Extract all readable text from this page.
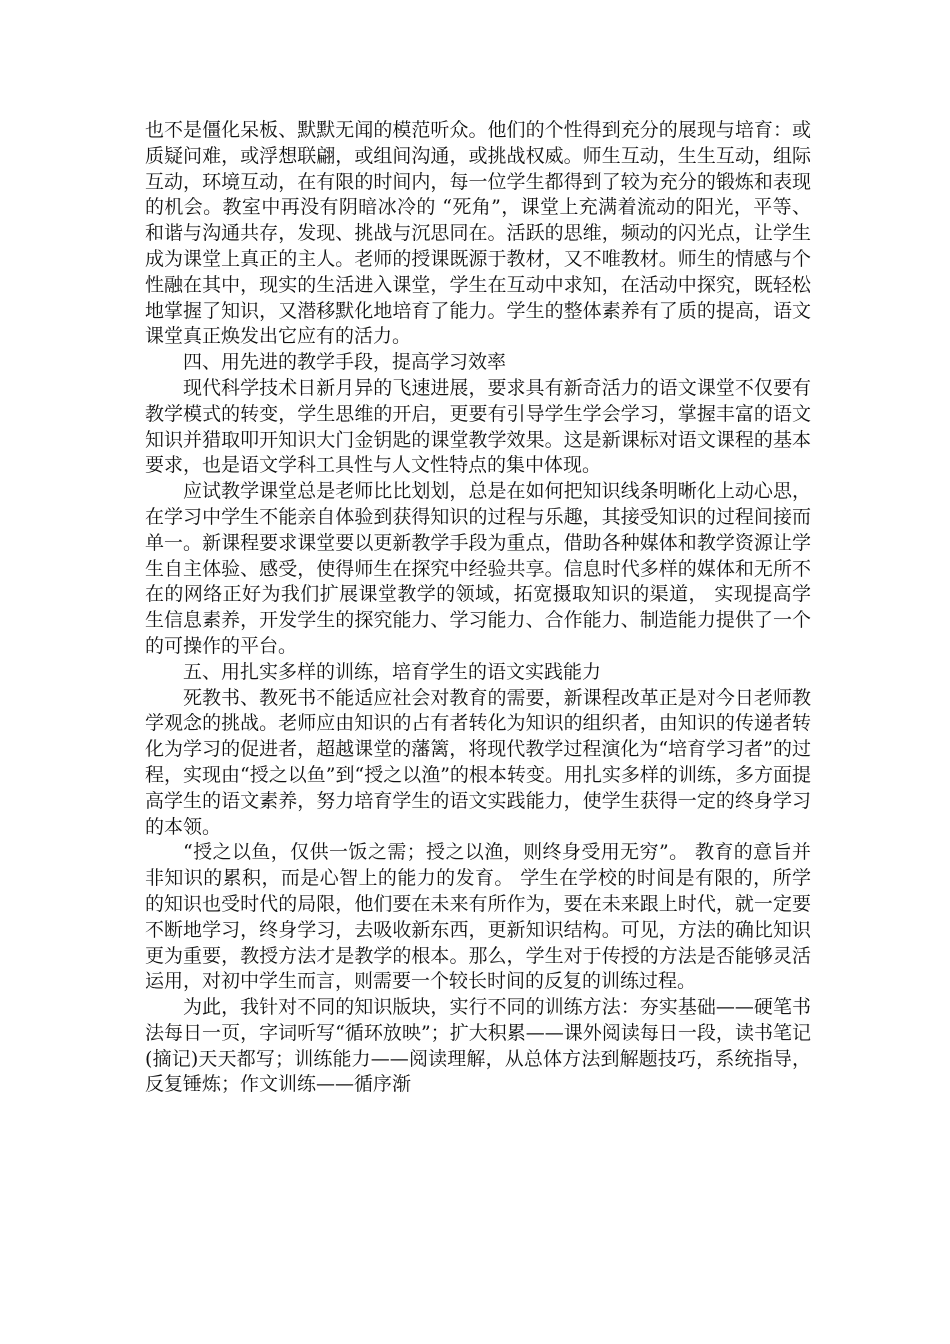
也不是僵化呆板、默默无闻的模范听众。他们的个性得到充分的展现与培育：或质疑问难，或浮想联翩，或组间沟通，或挑战权威。师生互动，生生互动，组际互动，环境互动，在有限的时间内，每一位学生都得到了较为充分的锻炼和表现的机会。教室中再没有阴暗冰冷的 “死角”，课堂上充满着流动的阳光，平等、和谐与沟通共存，发现、挑战与沉思同在。活跃的思维，频动的闪光点，让学生成为课堂上真正的主人。老师的授课既源于教材，又不唯教材。师生的情感与个性融在其中，现实的生活进入课堂，学生在互动中求知，在活动中探究，既轻松地掌握了知识，又潜移默化地培育了能力。学生的整体素养有了质的提高，语文课堂真正焕发出它应有的活力。

四、用先进的教学手段，提高学习效率

现代科学技术日新月异的飞速进展，要求具有新奇活力的语文课堂不仅要有教学模式的转变，学生思维的开启，更要有引导学生学会学习，掌握丰富的语文知识并猎取叩开知识大门金钥匙的课堂教学效果。这是新课标对语文课程的基本要求，也是语文学科工具性与人文性特点的集中体现。

应试教学课堂总是老师比比划划，总是在如何把知识线条明晰化上动心思，在学习中学生不能亲自体验到获得知识的过程与乐趣，其接受知识的过程间接而单一。新课程要求课堂要以更新教学手段为重点，借助各种媒体和教学资源让学生自主体验、感受，使得师生在探究中经验共享。信息时代多样的媒体和无所不在的网络正好为我们扩展课堂教学的领域，拓宽摄取知识的渠道， 实现提高学生信息素养，开发学生的探究能力、学习能力、合作能力、制造能力提供了一个 的可操作的平台。

五、用扎实多样的训练，培育学生的语文实践能力

死教书、教死书不能适应社会对教育的需要，新课程改革正是对今日老师教学观念的挑战。老师应由知识的占有者转化为知识的组织者，由知识的传递者转化为学习的促进者，超越课堂的藩篱，将现代教学过程演化为“培育学习者”的过程，实现由“授之以鱼”到“授之以渔”的根本转变。用扎实多样的训练，多方面提高学生的语文素养，努力培育学生的语文实践能力，使学生获得一定的终身学习的本领。

“授之以鱼，仅供一饭之需；授之以渔，则终身受用无穷”。 教育的意旨并非知识的累积，而是心智上的能力的发育。 学生在学校的时间是有限的，所学的知识也受时代的局限，他们要在未来有所作为，要在未来跟上时代，就一定要不断地学习，终身学习，去吸收新东西，更新知识结构。可见，方法的确比知识更为重要，教授方法才是教学的根本。那么，学生对于传授的方法是否能够灵活运用，对初中学生而言，则需要一个较长时间的反复的训练过程。

为此，我针对不同的知识版块，实行不同的训练方法：夯实基础——硬笔书法每日一页，字词听写“循环放映”；扩大积累——课外阅读每日一段，读书笔记(摘记)天天都写；训练能力——阅读理解，从总体方法到解题技巧，系统指导，反复锤炼；作文训练——循序渐
